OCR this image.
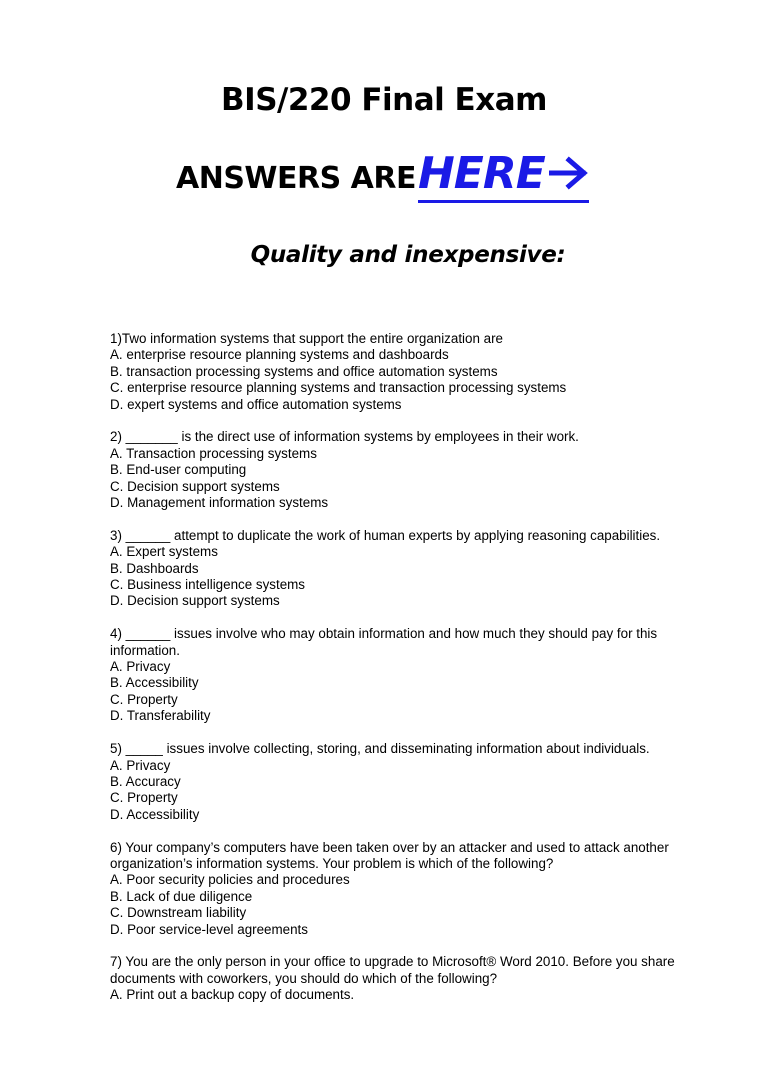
BIS/220 Final Exam
ANSWERS ARE HERE
Quality and inexpensive:
1)Two information systems that support the entire organization are
A. enterprise resource planning systems and dashboards
B. transaction processing systems and office automation systems
C. enterprise resource planning systems and transaction processing systems
D. expert systems and office automation systems
2) _______ is the direct use of information systems by employees in their work.
A. Transaction processing systems
B. End-user computing
C. Decision support systems
D. Management information systems
3) ______ attempt to duplicate the work of human experts by applying reasoning capabilities.
A. Expert systems
B. Dashboards
C. Business intelligence systems
D. Decision support systems
4) ______ issues involve who may obtain information and how much they should pay for this information.
A. Privacy
B. Accessibility
C. Property
D. Transferability
5) _____ issues involve collecting, storing, and disseminating information about individuals.
A. Privacy
B. Accuracy
C. Property
D. Accessibility
6) Your company’s computers have been taken over by an attacker and used to attack another organization’s information systems. Your problem is which of the following?
A. Poor security policies and procedures
B. Lack of due diligence
C. Downstream liability
D. Poor service-level agreements
7) You are the only person in your office to upgrade to Microsoft® Word 2010. Before you share documents with coworkers, you should do which of the following?
A. Print out a backup copy of documents.
